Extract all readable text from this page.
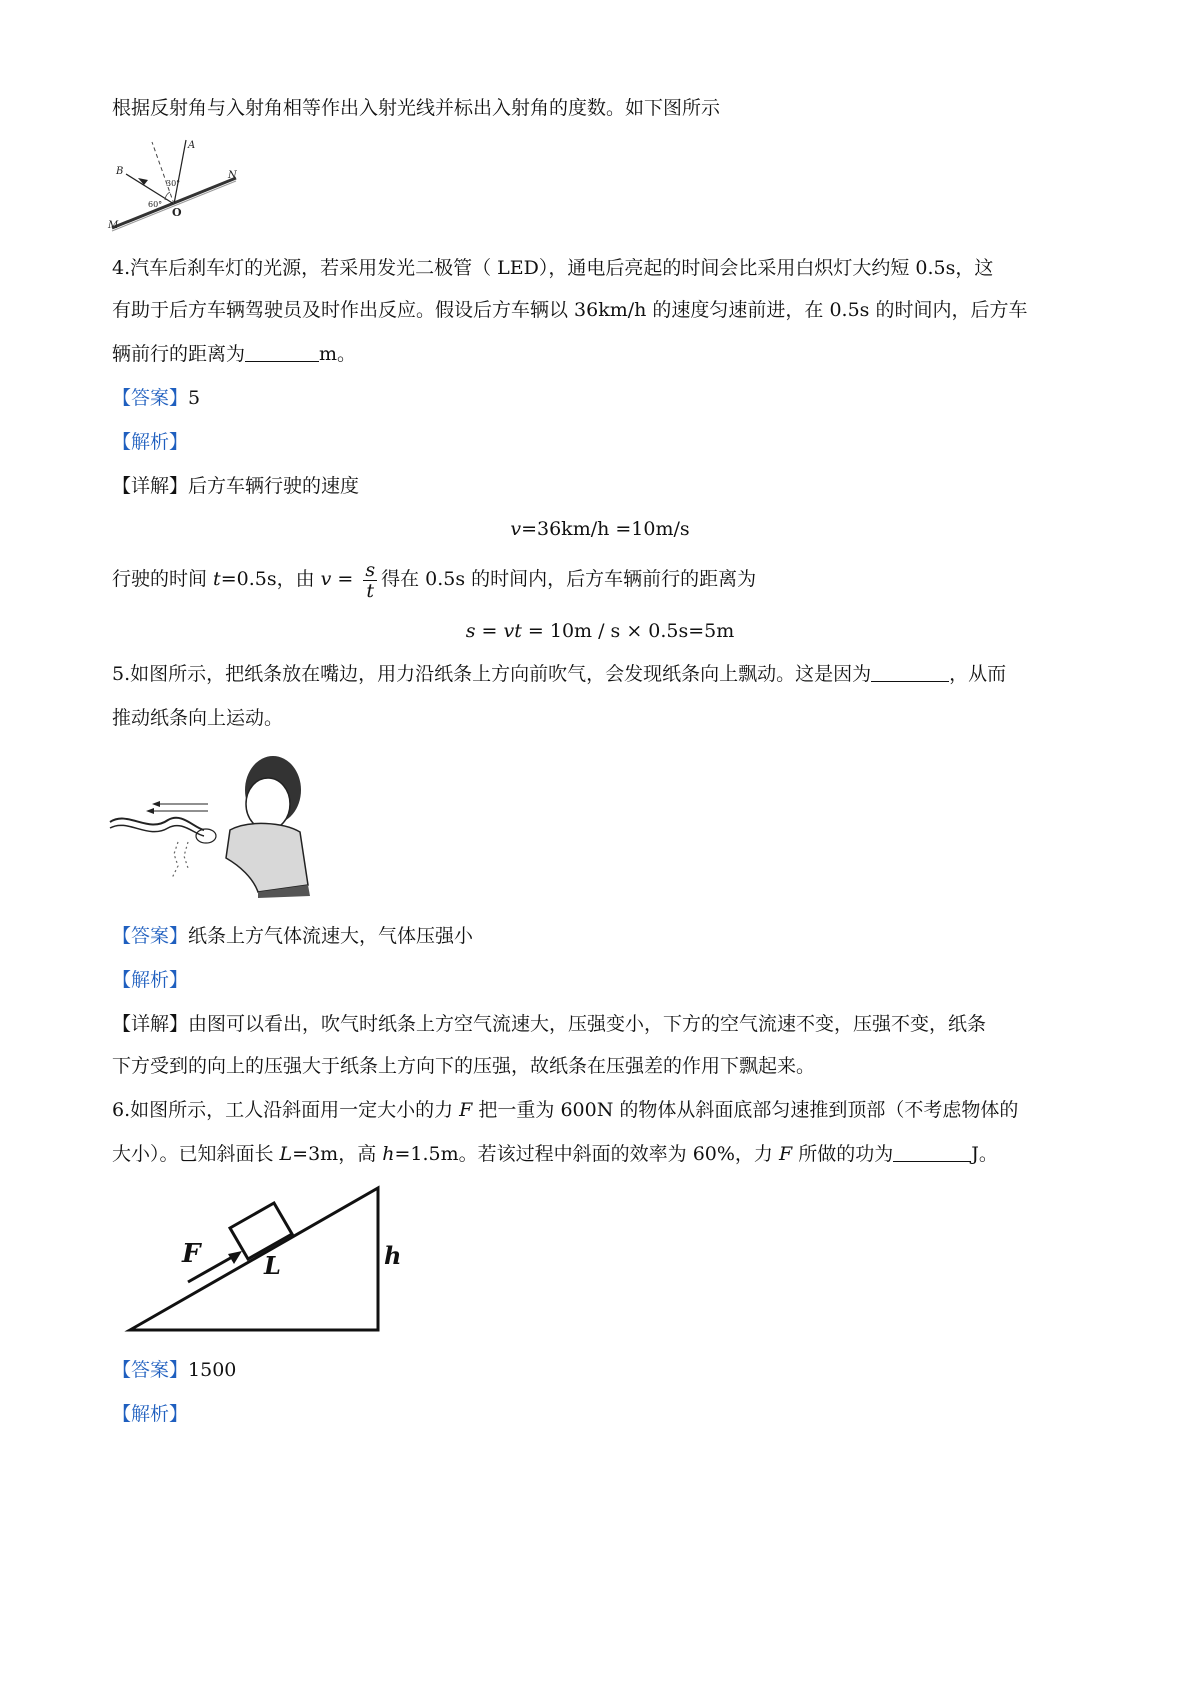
根据反射角与入射角相等作出入射光线并标出入射角的度数。如下图所示
B
A
N
M
O
60°
30°
4.汽车后刹车灯的光源，若采用发光二极管（ LED），通电后亮起的时间会比采用白炽灯大约短 0.5s，这
有助于后方车辆驾驶员及时作出反应。假设后方车辆以 36km/h 的速度匀速前进，在 0.5s 的时间内，后方车
辆前行的距离为	m。
【答案】5
【解析】
【详解】后方车辆行驶的速度
v=36km/h =10m/s
行驶的时间 t=0.5s，由 $v = \frac{s}{t}$ 得在 0.5s 的时间内，后方车辆前行的距离为
s = vt = 10m / s × 0.5s=5m
5.如图所示，把纸条放在嘴边，用力沿纸条上方向前吹气，会发现纸条向上飘动。这是因为	，从而
推动纸条向上运动。
【答案】纸条上方气体流速大，气体压强小
【解析】
【详解】由图可以看出，吹气时纸条上方空气流速大，压强变小，下方的空气流速不变，压强不变，纸条
下方受到的向上的压强大于纸条上方向下的压强，故纸条在压强差的作用下飘起来。
6.如图所示，工人沿斜面用一定大小的力 F 把一重为 600N 的物体从斜面底部匀速推到顶部（不考虑物体的
大小）。已知斜面长 L=3m，高 h=1.5m。若该过程中斜面的效率为 60%，力 F 所做的功为	J。
F	L	h
【答案】1500
【解析】
